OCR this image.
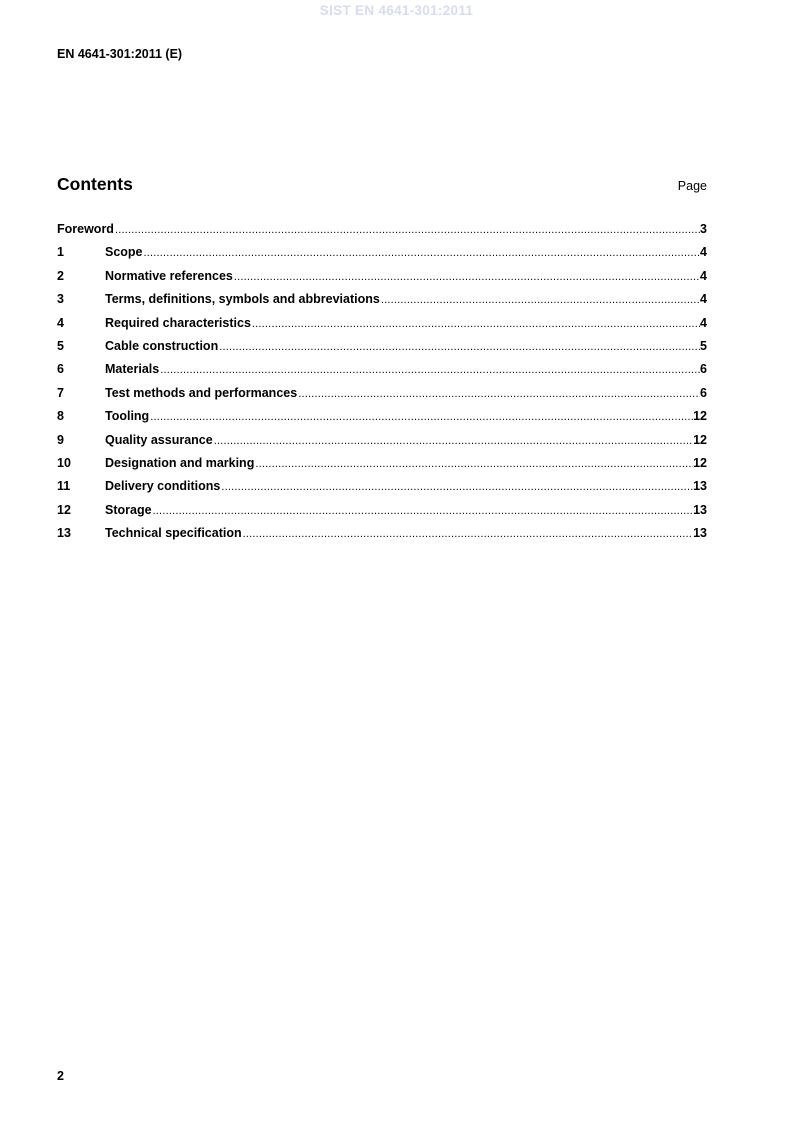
SIST EN 4641-301:2011
EN 4641-301:2011 (E)
Contents	Page
Foreword .....	3
1	Scope .....	4
2	Normative references .....	4
3	Terms, definitions, symbols and abbreviations .....	4
4	Required characteristics .....	4
5	Cable construction .....	5
6	Materials .....	6
7	Test methods and performances .....	6
8	Tooling .....	12
9	Quality assurance .....	12
10	Designation and marking .....	12
11	Delivery conditions .....	13
12	Storage .....	13
13	Technical specification .....	13
2
